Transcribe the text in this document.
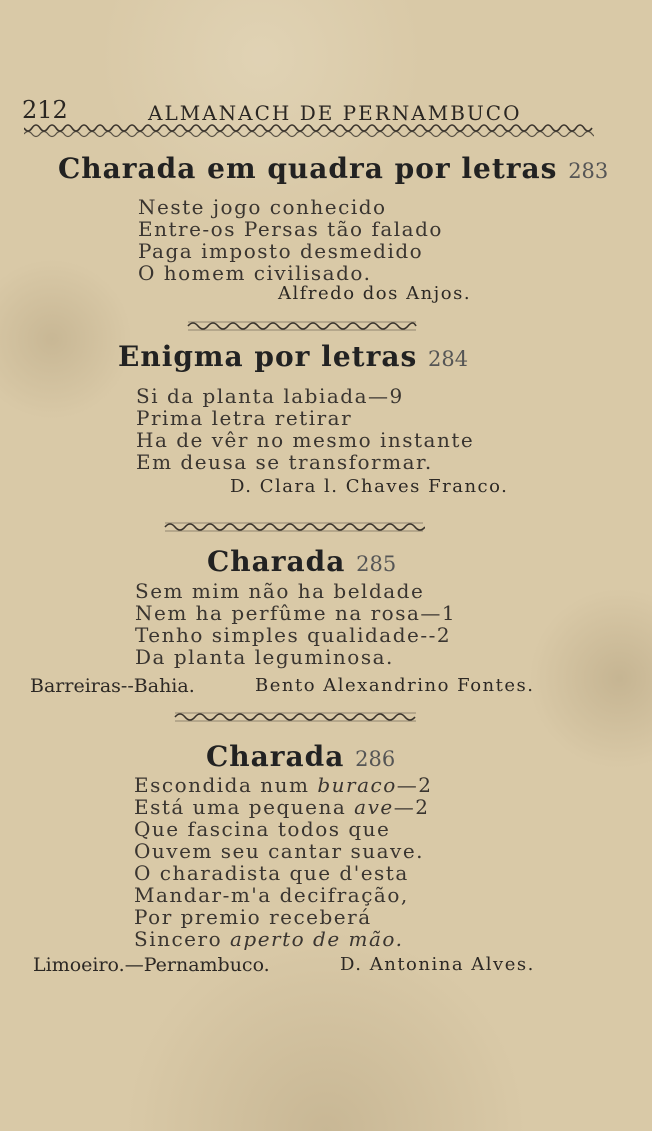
212	ALMANACH DE PERNAMBUCO
Charada em quadra por letras 283
Neste jogo conhecido
Entre-os Persas tão falado
Paga imposto desmedido
O homem civilisado.
Alfredo dos Anjos.
Enigma por letras 284
Si da planta labiada—9
Prima letra retirar
Ha de vêr no mesmo instante
Em deusa se transformar.
D. Clara l. Chaves Franco.
Charada 285
Sem mim não ha beldade
Nem ha perfûme na rosa—1
Tenho simples qualidade--2
Da planta leguminosa.
Barreiras--Bahia.	Bento Alexandrino Fontes.
Charada 286
Escondida num buraco—2
Está uma pequena ave—2
Que fascina todos que
Ouvem seu cantar suave.
O charadista que d'esta
Mandar-m'a decifração,
Por premio receberá
Sincero aperto de mão.
Limoeiro.—Pernambuco.	D. Antonina Alves.
